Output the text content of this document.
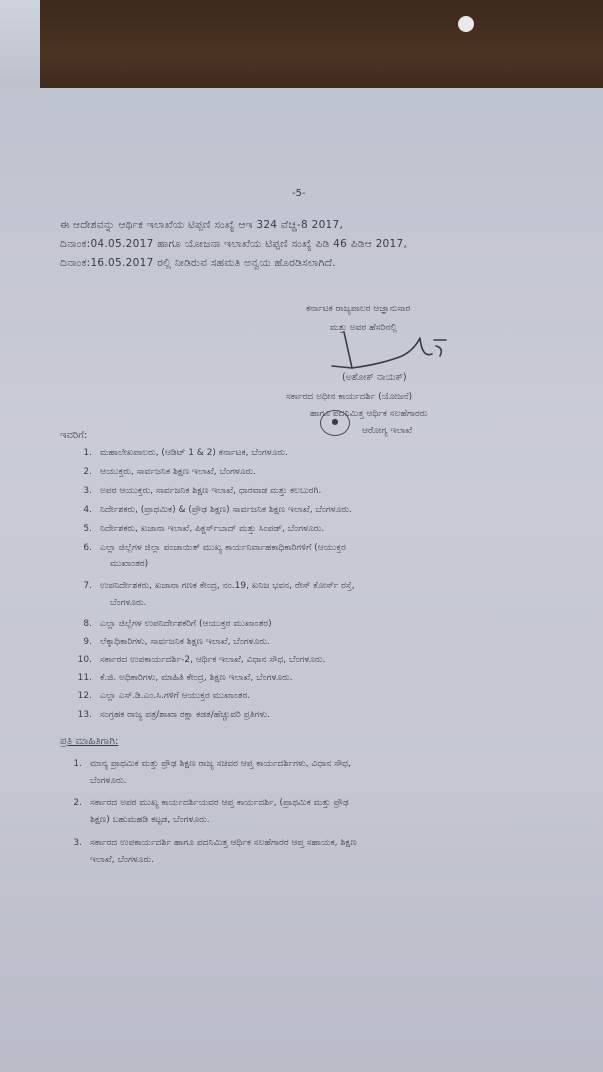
-5-
ಈ ಆದೇಶವನ್ನು ಆರ್ಥಿಕ ಇಲಾಖೆಯ ಟಿಪ್ಪಣಿ ಸಂಖ್ಯೆ ಆಇ 324 ವೆಚ್ಚ-8 2017,
ದಿನಾಂಕ:04.05.2017 ಹಾಗೂ ಯೋಜನಾ ಇಲಾಖೆಯ ಟಿಪ್ಪಣಿ ಸಂಖ್ಯೆ ಪಿಡಿ 46 ಪಿಡಿಆ 2017,
ದಿನಾಂಕ:16.05.2017 ರಲ್ಲಿ ನೀಡಿರುವ ಸಹಮತಿ ಅನ್ವಯ ಹೊರಡಿಸಲಾಗಿದೆ.
ಕರ್ನಾಟಕ ರಾಜ್ಯಪಾಲರ ಆಜ್ಞಾನುಸಾರ
ಮತ್ತು ಅವರ ಹೆಸರಿನಲ್ಲಿ
(ಅಶೋಕ್ ನಾಯಕ್)
ಸರ್ಕಾರದ ಅಧೀನ ಕಾರ್ಯದರ್ಶಿ (ಯೋಜನೆ)
ಹಾಗೂ ಪದನಿಮಿತ್ತ ಆರ್ಥಿಕ ಸಲಹೆಗಾರರು
ಆರೋಗ್ಯ ಇಲಾಖೆ
●
ಇವರಿಗೆ:
1. ಮಹಾಲೇಖಪಾಲರು, (ಆಡಿಟ್ 1 & 2) ಕರ್ನಾಟಕ, ಬೆಂಗಳೂರು.
2. ಆಯುಕ್ತರು, ಸಾರ್ವಜನಿಕ ಶಿಕ್ಷಣ ಇಲಾಖೆ, ಬೆಂಗಳೂರು.
3. ಅಪರ ಆಯುಕ್ತರು, ಸಾರ್ವಜನಿಕ ಶಿಕ್ಷಣ ಇಲಾಖೆ, ಧಾರವಾಡ ಮತ್ತು ಕಲಬುರಗಿ.
4. ನಿರ್ದೇಶಕರು, (ಪ್ರಾಥಮಿಕ) & (ಪ್ರೌಢ ಶಿಕ್ಷಣ) ಸಾರ್ವಜನಿಕ ಶಿಕ್ಷಣ ಇಲಾಖೆ, ಬೆಂಗಳೂರು.
5. ನಿರ್ದೇಶಕರು, ಖಜಾನಾ ಇಲಾಖೆ, ಪಿಕ್ಚರ್ಸ್‌ಬಾದ್ ಮತ್ತು ಸಿಂಪಡ್, ಬೆಂಗಳೂರು.
6. ಎಲ್ಲಾ ಜಿಲ್ಲೆಗಳ ಜಿಲ್ಲಾ ಪಂಚಾಯಿತ್ ಮುಖ್ಯ ಕಾರ್ಯನಿರ್ವಾಹಕಾಧಿಕಾರಿಗಳಿಗೆ (ಆಯುಕ್ತರ
ಮುಖಾಂತರ)
7. ಉಪನಿರ್ದೇಶಕರು, ಖಜಾನಾ ಗಣಕ ಕೇಂದ್ರ, ನಂ.19, ಖನಿಜ ಭವನ, ರೇಸ್ ಕೋರ್ಸ್ ರಸ್ತೆ,
ಬೆಂಗಳೂರು.
8. ಎಲ್ಲಾ ಜಿಲ್ಲೆಗಳ ಉಪನಿರ್ದೇಶಕರಿಗೆ (ಆಯುಕ್ತರ ಮುಖಾಂತರ)
9. ಲೆಕ್ಕಾಧಿಕಾರಿಗಳು, ಸಾರ್ವಜನಿಕ ಶಿಕ್ಷಣ ಇಲಾಖೆ, ಬೆಂಗಳೂರು.
10. ಸರ್ಕಾರದ ಉಪಕಾರ್ಯದರ್ಶಿ-2, ಆರ್ಥಿಕ ಇಲಾಖೆ, ವಿಧಾನ ಸೌಧ, ಬೆಂಗಳೂರು.
11. ಕೆ.ಜಿ. ಅಧಿಕಾರಿಗಳು, ಮಾಹಿತಿ ಕೇಂದ್ರ, ಶಿಕ್ಷಣ ಇಲಾಖೆ, ಬೆಂಗಳೂರು.
12. ಎಲ್ಲಾ ಎಸ್.ಡಿ.ಎಂ.ಸಿ.ಗಳಿಗೆ ಆಯುಕ್ತರ ಮುಖಾಂತರ.
13. ಸಂಗ್ರಹಕ ರಾಜ್ಯ ಪತ್ರ/ಶಾಖಾ ರಕ್ಷಾ ಕಡತ/ಹೆಚ್ಚುವರಿ ಪ್ರತಿಗಳು.
ಪ್ರತಿ ಮಾಹಿತಿಗಾಗಿ:
1. ಮಾನ್ಯ ಪ್ರಾಥಮಿಕ ಮತ್ತು ಪ್ರೌಢ ಶಿಕ್ಷಣ ರಾಜ್ಯ ಸಚಿವರ ಆಪ್ತ ಕಾರ್ಯದರ್ಶಿಗಳು, ವಿಧಾನ ಸೌಧ,
ಬೆಂಗಳೂರು.
2. ಸರ್ಕಾರದ ಅಪರ ಮುಖ್ಯ ಕಾರ್ಯದರ್ಶಿಯವರ ಆಪ್ತ ಕಾರ್ಯದರ್ಶಿ, (ಪ್ರಾಥಮಿಕ ಮತ್ತು ಪ್ರೌಢ
ಶಿಕ್ಷಣ) ಬಹುಮಹಡಿ ಕಟ್ಟಡ, ಬೆಂಗಳೂರು.
3. ಸರ್ಕಾರದ ಉಪಕಾರ್ಯದರ್ಶಿ ಹಾಗೂ ಪದನಿಮಿತ್ತ ಆರ್ಥಿಕ ಸಲಹೆಗಾರರ ಆಪ್ತ ಸಹಾಯಕ, ಶಿಕ್ಷಣ
ಇಲಾಖೆ, ಬೆಂಗಳೂರು.
